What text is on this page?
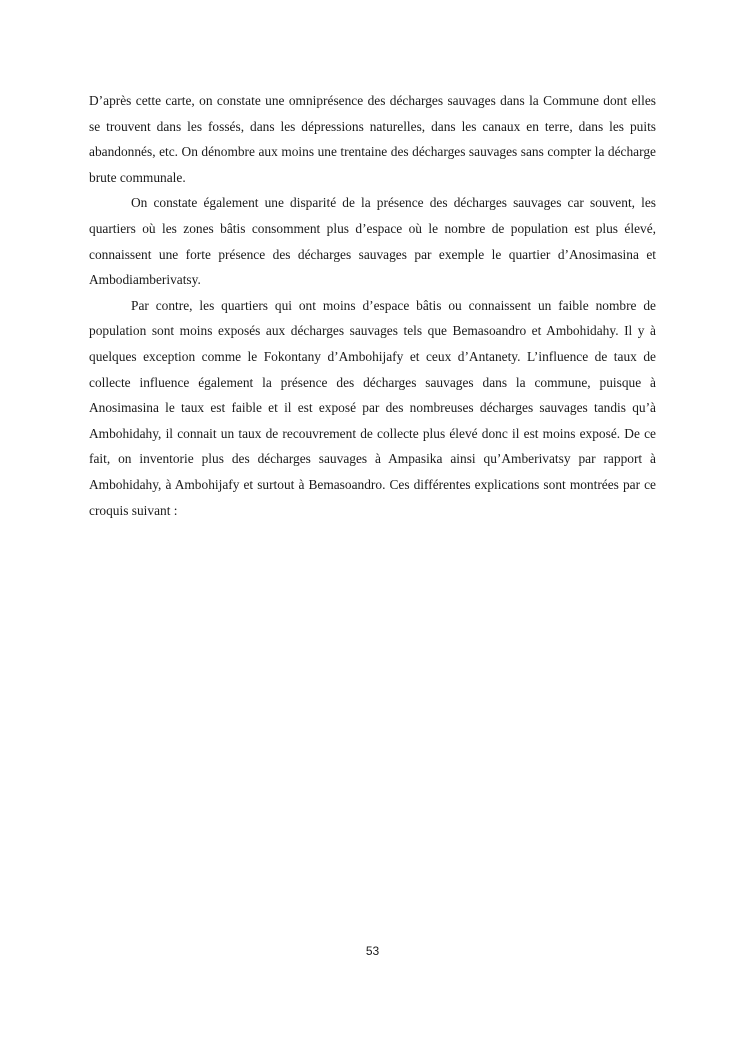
D’après cette carte, on constate une omniprésence des décharges sauvages dans la Commune dont elles se trouvent dans les fossés, dans les dépressions naturelles, dans les canaux en terre, dans les puits abandonnés, etc. On dénombre aux moins une trentaine des décharges sauvages sans compter la décharge brute communale.

On constate également une disparité de la présence des décharges sauvages car souvent, les quartiers où les zones bâtis consomment plus d’espace où le nombre de population est plus élevé, connaissent une forte présence des décharges sauvages par exemple le quartier d’Anosimasina et Ambodiamberivatsy.

Par contre, les quartiers qui ont moins d’espace bâtis ou connaissent un faible nombre de population sont moins exposés aux décharges sauvages tels que Bemasoandro et Ambohidahy. Il y à quelques exception comme le Fokontany d’Ambohijafy et ceux d’Antanety. L’influence de taux de collecte influence également la présence des décharges sauvages dans la commune, puisque à Anosimasina le taux est faible et il est exposé par des nombreuses décharges sauvages tandis qu’à Ambohidahy, il connait un taux de recouvrement de collecte plus élevé donc il est moins exposé. De ce fait, on inventorie plus des décharges sauvages à Ampasika ainsi qu’Amberivatsy par rapport à Ambohidahy, à Ambohijafy et surtout à Bemasoandro. Ces différentes explications sont montrées par ce croquis suivant :

53
